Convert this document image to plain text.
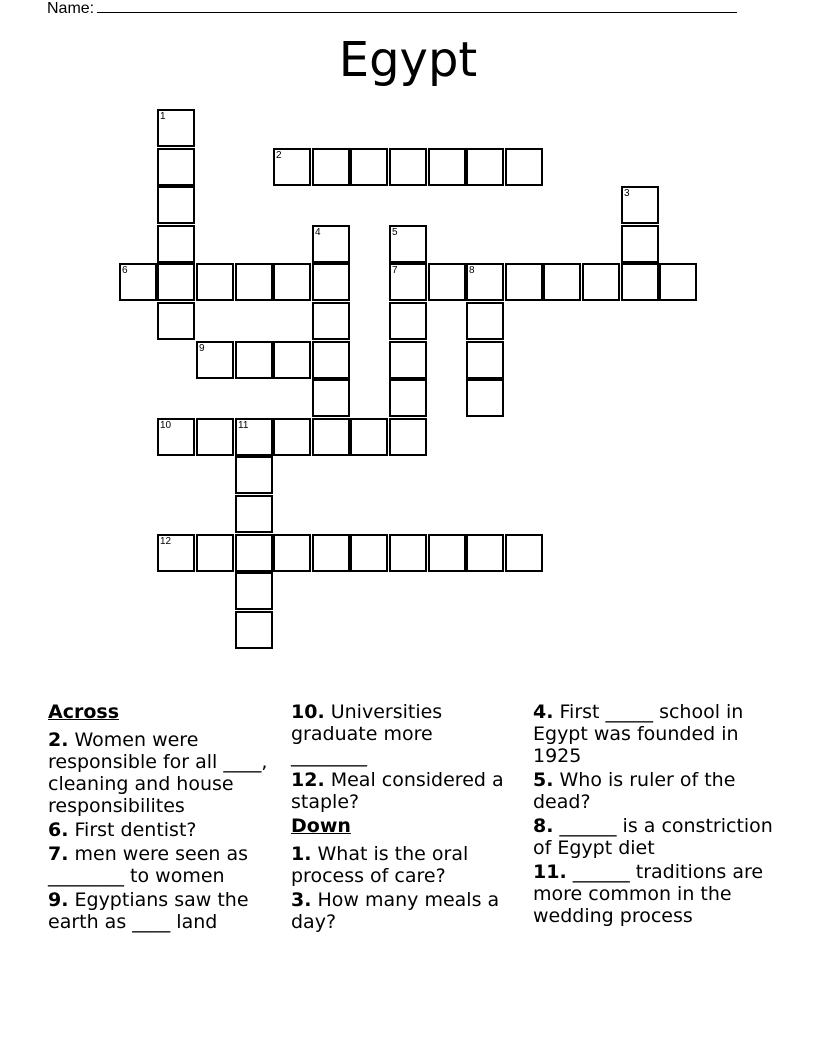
Name:
Egypt
1
2
3
4	5
6	7	8
9
10	11
12
Across
2. Women were responsible for all ____, cleaning and house responsibilites
6. First dentist?
7. men were seen as ________ to women
9. Egyptians saw the earth as ____ land
10. Universities graduate more ________
12. Meal considered a staple?
Down
1. What is the oral process of care?
3. How many meals a day?
4. First _____ school in Egypt was founded in 1925
5. Who is ruler of the dead?
8. ______ is a constriction of Egypt diet
11. ______ traditions are more common in the wedding process
